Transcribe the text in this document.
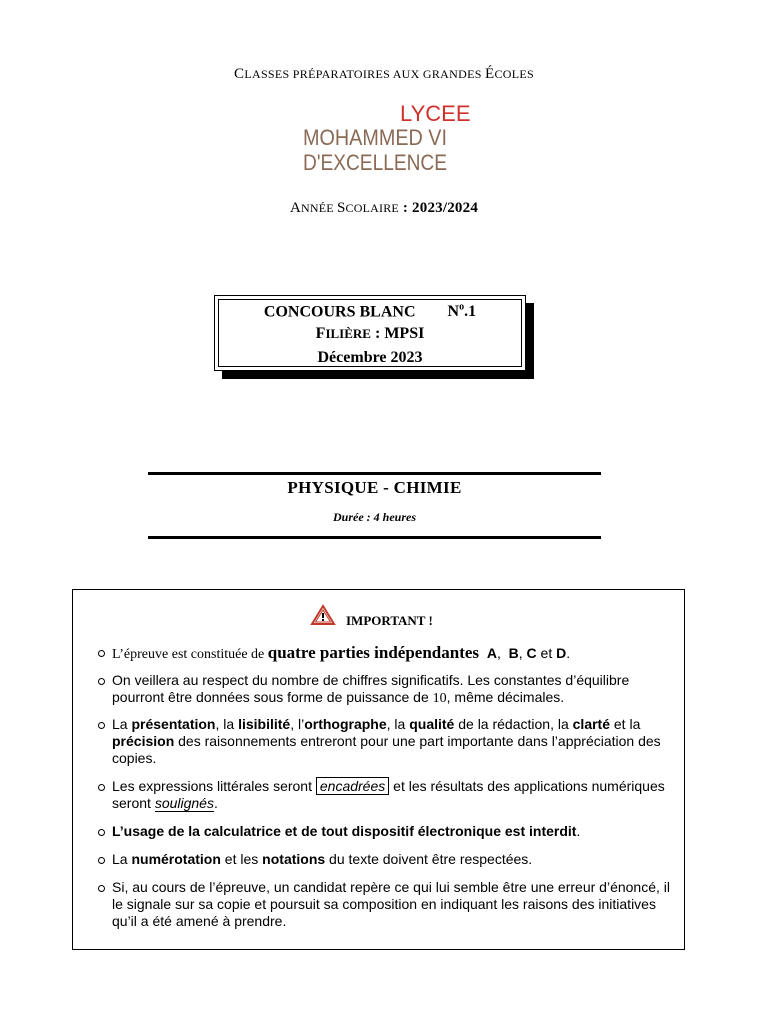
CLASSES PRÉPARATOIRES AUX GRANDES ÉCOLES
LYCEE
MOHAMMED VI
D'EXCELLENCE
ANNÉE SCOLAIRE : 2023/2024
CONCOURS BLANC $N^o.1$
FILIÈRE : MPSI
Décembre 2023
PHYSIQUE - CHIMIE
Durée : 4 heures
IMPORTANT !
L’épreuve est constituée de quatre parties indépendantes A,  B, C et D.
On veillera au respect du nombre de chiffres significatifs. Les constantes d’équilibre pourront être données sous forme de puissance de 10, même décimales.
La présentation, la lisibilité, l’orthographe, la qualité de la rédaction, la clarté et la précision des raisonnements entreront pour une part importante dans l’appréciation des copies.
Les expressions littérales seront encadrées et les résultats des applications numériques seront soulignés.
L’usage de la calculatrice et de tout dispositif électronique est interdit.
La numérotation et les notations du texte doivent être respectées.
Si, au cours de l’épreuve, un candidat repère ce qui lui semble être une erreur d’énoncé, il le signale sur sa copie et poursuit sa composition en indiquant les raisons des initiatives qu’il a été amené à prendre.
